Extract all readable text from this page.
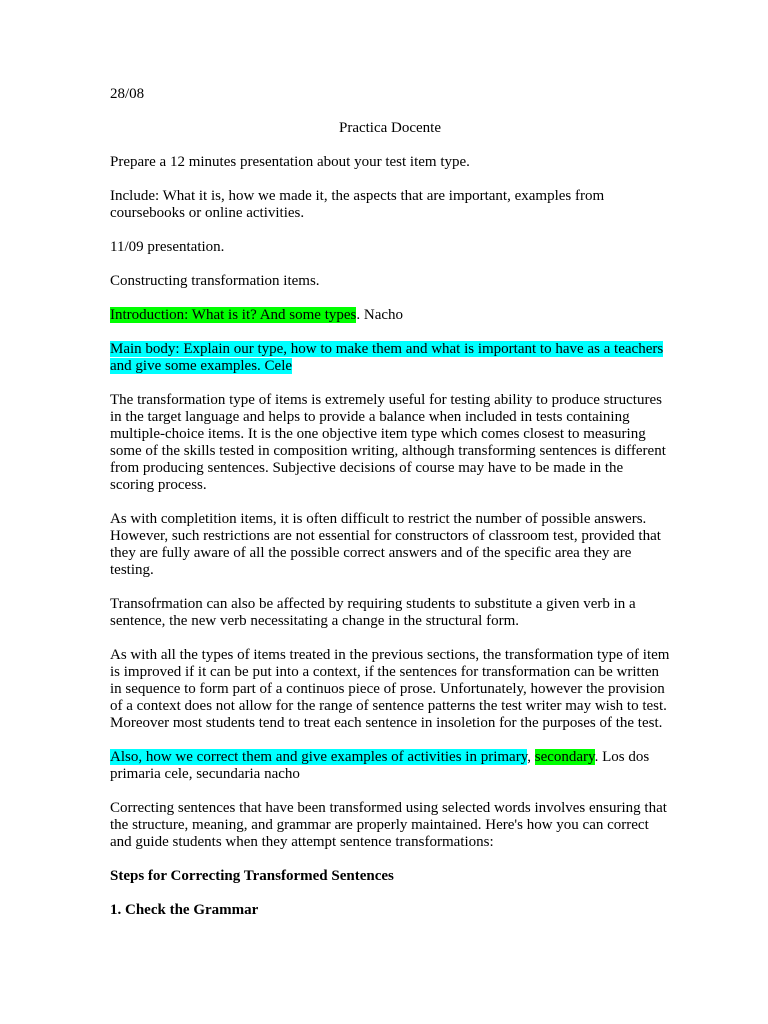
28/08

Practica Docente

Prepare a 12 minutes presentation about your test item type.

Include: What it is, how we made it, the aspects that are important, examples from coursebooks or online activities.

11/09 presentation.

Constructing transformation items.

Introduction: What is it? And some types. Nacho

Main body: Explain our type, how to make them and what is important to have as a teachers and give some examples. Cele

The transformation type of items is extremely useful for testing ability to produce structures in the target language and helps to provide a balance when included in tests containing multiple-choice items. It is the one objective item type which comes closest to measuring some of the skills tested in composition writing, although transforming sentences is different from producing sentences. Subjective decisions of course may have to be made in the scoring process.

As with completition items, it is often difficult to restrict the number of possible answers. However, such restrictions are not essential for constructors of classroom test, provided that they are fully aware of all the possible correct answers and of the specific area they are testing.

Transofrmation can also be affected by requiring students to substitute a given verb in a sentence, the new verb necessitating a change in the structural form.

As with all the types of items treated in the previous sections, the transformation type of item is improved if it can be put into a context, if the sentences for transformation can be written in sequence to form part of a continuos piece of prose. Unfortunately, however the provision of a context does not allow for the range of sentence patterns the test writer may wish to test. Moreover most students tend to treat each sentence in insoletion for the purposes of the test.

Also, how we correct them and give examples of activities in primary, secondary. Los dos primaria cele, secundaria nacho

Correcting sentences that have been transformed using selected words involves ensuring that the structure, meaning, and grammar are properly maintained. Here's how you can correct and guide students when they attempt sentence transformations:

Steps for Correcting Transformed Sentences

1. Check the Grammar
